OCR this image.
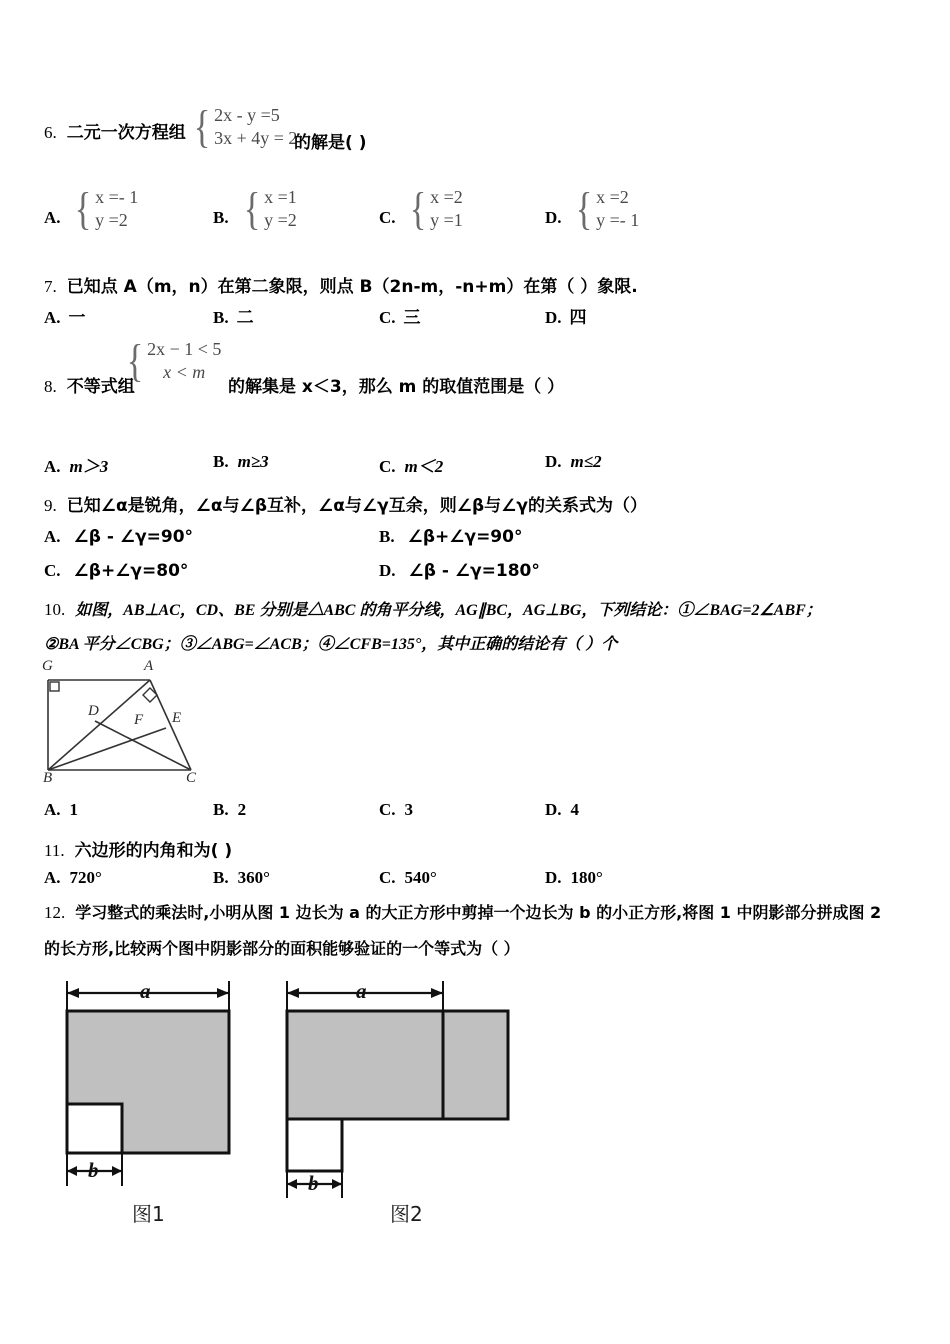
6. 二元一次方程组 { 2x - y =5
3x + 4y = 2
的解是( )
A. { x =- 1
y =2	B. { x =1
y =2	C. { x =2
y =1	D. { x =2
y =- 1
7. 已知点 A（m，n）在第二象限，则点 B（2n-m，-n+m）在第（ ）象限.
A. 一	B. 二	C. 三	D. 四
{ 2x − 1 < 5
x < m
8. 不等式组	的解集是 x＜3，那么 m 的取值范围是（ ）
A. m＞3	B. m≥3	C. m＜2	D. m≤2
9. 已知∠α是锐角，∠α与∠β互补，∠α与∠γ互余，则∠β与∠γ的关系式为（）
A. ∠β - ∠γ=90°	B. ∠β+∠γ=90°
C. ∠β+∠γ=80°	D. ∠β - ∠γ=180°
10. 如图，AB⊥AC，CD、BE 分别是△ABC 的角平分线，AG∥BC，AG⊥BG，下列结论：①∠BAG=2∠ABF；
②BA 平分∠CBG；③∠ABG=∠ACB；④∠CFB=135°，其中正确的结论有（ ）个
G	A
D
F E
B	C
A. 1	B. 2	C. 3	D. 4
11. 六边形的内角和为( )
A. 720°	B. 360°	C. 540°	D. 180°
12. 学习整式的乘法时,小明从图 1 边长为 a 的大正方形中剪掉一个边长为 b 的小正方形,将图 1 中阴影部分拼成图 2
的长方形,比较两个图中阴影部分的面积能够验证的一个等式为（ ）
a
b
图1
a
b
图2
